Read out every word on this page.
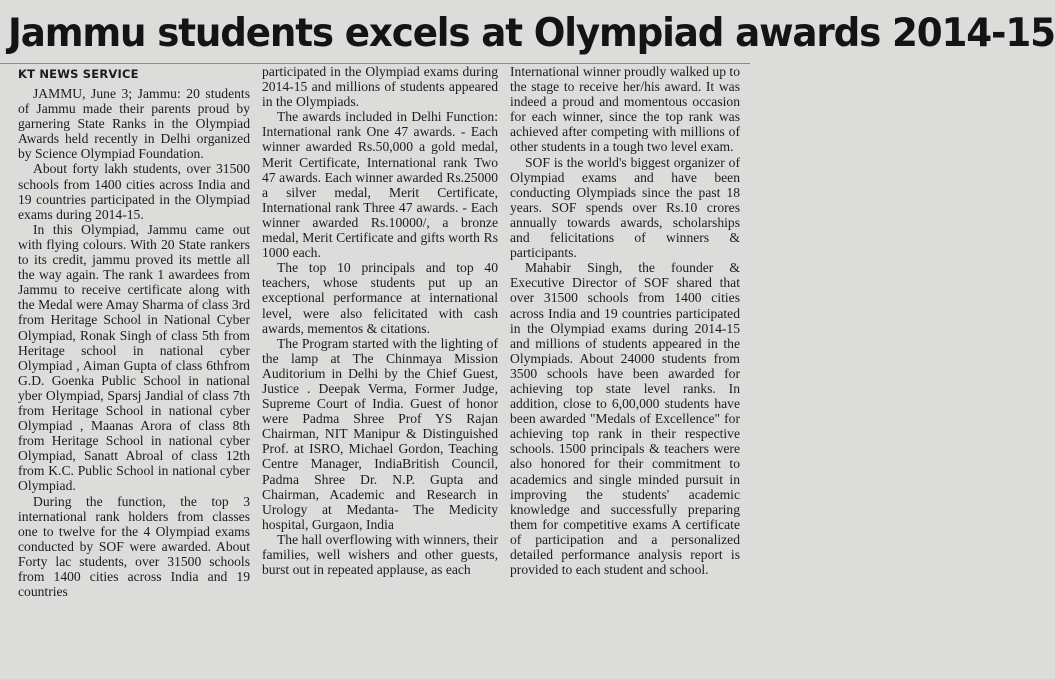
Jammu students excels at Olympiad awards 2014-15
KT NEWS SERVICE

JAMMU, June 3; Jammu: 20 students of Jammu made their parents proud by garnering State Ranks in the Olympiad Awards held recently in Delhi organized by Science Olympiad Foundation.

About forty lakh students, over 31500 schools from 1400 cities across India and 19 countries participated in the Olympiad exams during 2014-15.

In this Olympiad, Jammu came out with flying colours. With 20 State rankers to its credit, jammu proved its mettle all the way again. The rank 1 awardees from Jammu to receive certificate along with the Medal were Amay Sharma of class 3rd from Heritage School in National Cyber Olympiad, Ronak Singh of class 5th from Heritage school in national cyber Olympiad , Aiman Gupta of class 6thfrom G.D. Goenka Public School in national yber Olympiad, Sparsj Jandial of class 7th from Heritage School in national cyber Olympiad , Maanas Arora of class 8th from Heritage School in national cyber Olympiad, Sanatt Abroal of class 12th from K.C. Public School in national cyber Olympiad.

During the function, the top 3 international rank holders from classes one to twelve for the 4 Olympiad exams conducted by SOF were awarded. About Forty lac students, over 31500 schools from 1400 cities across India and 19 countries

participated in the Olympiad exams during 2014-15 and millions of students appeared in the Olympiads.

The awards included in Delhi Function: International rank One 47 awards. - Each winner awarded Rs.50,000 a gold medal, Merit Certificate, International rank Two 47 awards. Each winner awarded Rs.25000 a silver medal, Merit Certificate, International rank Three 47 awards. - Each winner awarded Rs.10000/, a bronze medal, Merit Certificate and gifts worth Rs 1000 each.

The top 10 principals and top 40 teachers, whose students put up an exceptional performance at international level, were also felicitated with cash awards, mementos & citations.

The Program started with the lighting of the lamp at The Chinmaya Mission Auditorium in Delhi by the Chief Guest, Justice . Deepak Verma, Former Judge, Supreme Court of India. Guest of honor were Padma Shree Prof YS Rajan Chairman, NIT Manipur & Distinguished Prof. at ISRO, Michael Gordon, Teaching Centre Manager, IndiaBritish Council, Padma Shree Dr. N.P. Gupta and Chairman, Academic and Research in Urology at Medanta- The Medicity hospital, Gurgaon, India

The hall overflowing with winners, their families, well wishers and other guests, burst out in repeated applause, as each

International winner proudly walked up to the stage to receive her/his award. It was indeed a proud and momentous occasion for each winner, since the top rank was achieved after competing with millions of other students in a tough two level exam.

SOF is the world's biggest organizer of Olympiad exams and have been conducting Olympiads since the past 18 years. SOF spends over Rs.10 crores annually towards awards, scholarships and felicitations of winners & participants.

Mahabir Singh, the founder & Executive Director of SOF shared that over 31500 schools from 1400 cities across India and 19 countries participated in the Olympiad exams during 2014-15 and millions of students appeared in the Olympiads. About 24000 students from 3500 schools have been awarded for achieving top state level ranks. In addition, close to 6,00,000 students have been awarded "Medals of Excellence" for achieving top rank in their respective schools. 1500 principals & teachers were also honored for their commitment to academics and single minded pursuit in improving the students' academic knowledge and successfully preparing them for competitive exams A certificate of participation and a personalized detailed performance analysis report is provided to each student and school.
